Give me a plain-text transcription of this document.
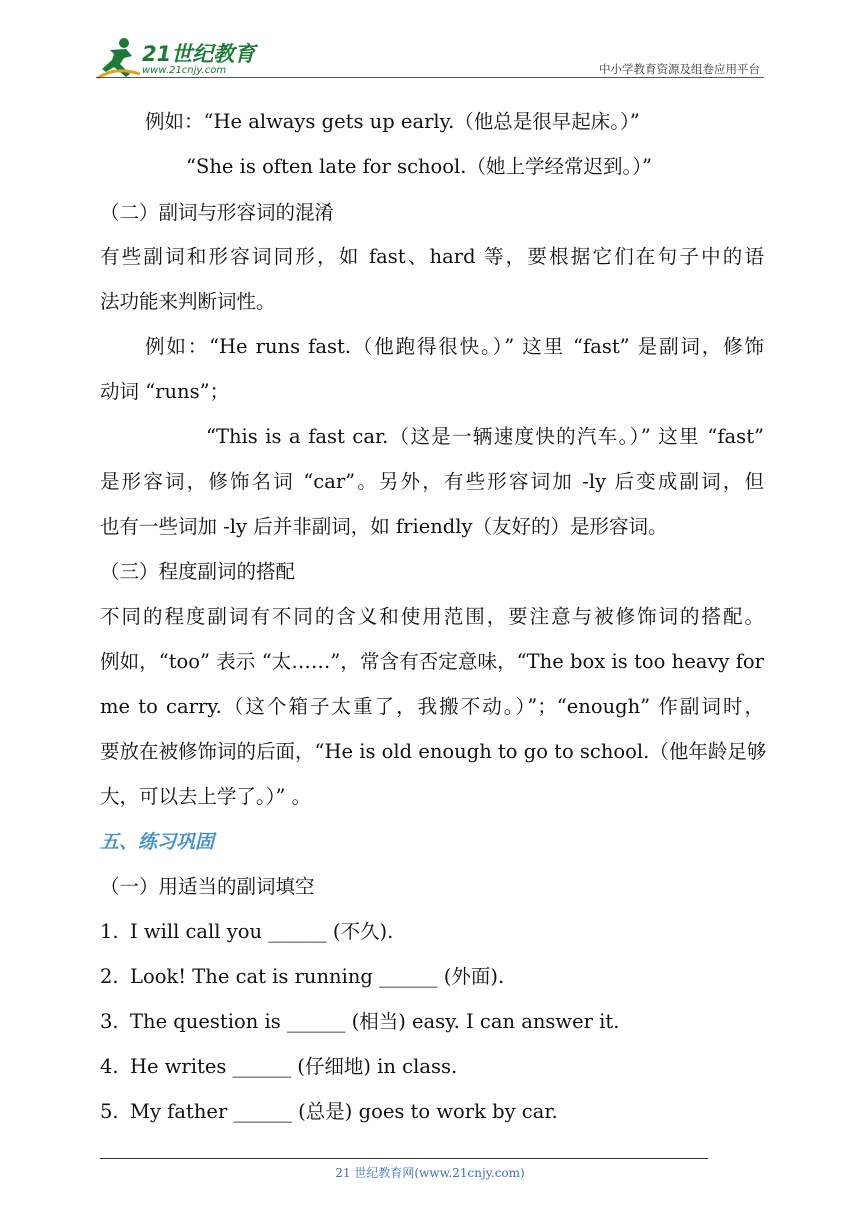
21世纪教育
www.21cnjy.com	中小学教育资源及组卷应用平台
例如：“He always gets up early.（他总是很早起床。）”
“She is often late for school.（她上学经常迟到。）”
（二）副词与形容词的混淆
有些副词和形容词同形，如 fast、hard 等，要根据它们在句子中的语
法功能来判断词性。
例如：“He runs fast.（他跑得很快。）” 这里 “fast” 是副词，修饰
动词 “runs”；
“This is a fast car.（这是一辆速度快的汽车。）” 这里 “fast”
是形容词，修饰名词 “car”。另外，有些形容词加 -ly 后变成副词，但
也有一些词加 -ly 后并非副词，如 friendly（友好的）是形容词。
（三）程度副词的搭配
不同的程度副词有不同的含义和使用范围，要注意与被修饰词的搭配。
例如，“too” 表示 “太……”，常含有否定意味，“The box is too heavy for
me to carry.（这个箱子太重了，我搬不动。）”；“enough” 作副词时，
要放在被修饰词的后面，“He is old enough to go to school.（他年龄足够
大，可以去上学了。）” 。
五、练习巩固
（一）用适当的副词填空
1. I will call you ______ (不久).
2. Look! The cat is running ______ (外面).
3. The question is ______ (相当) easy. I can answer it.
4. He writes ______ (仔细地) in class.
5. My father ______ (总是) goes to work by car.
21 世纪教育网(www.21cnjy.com)
